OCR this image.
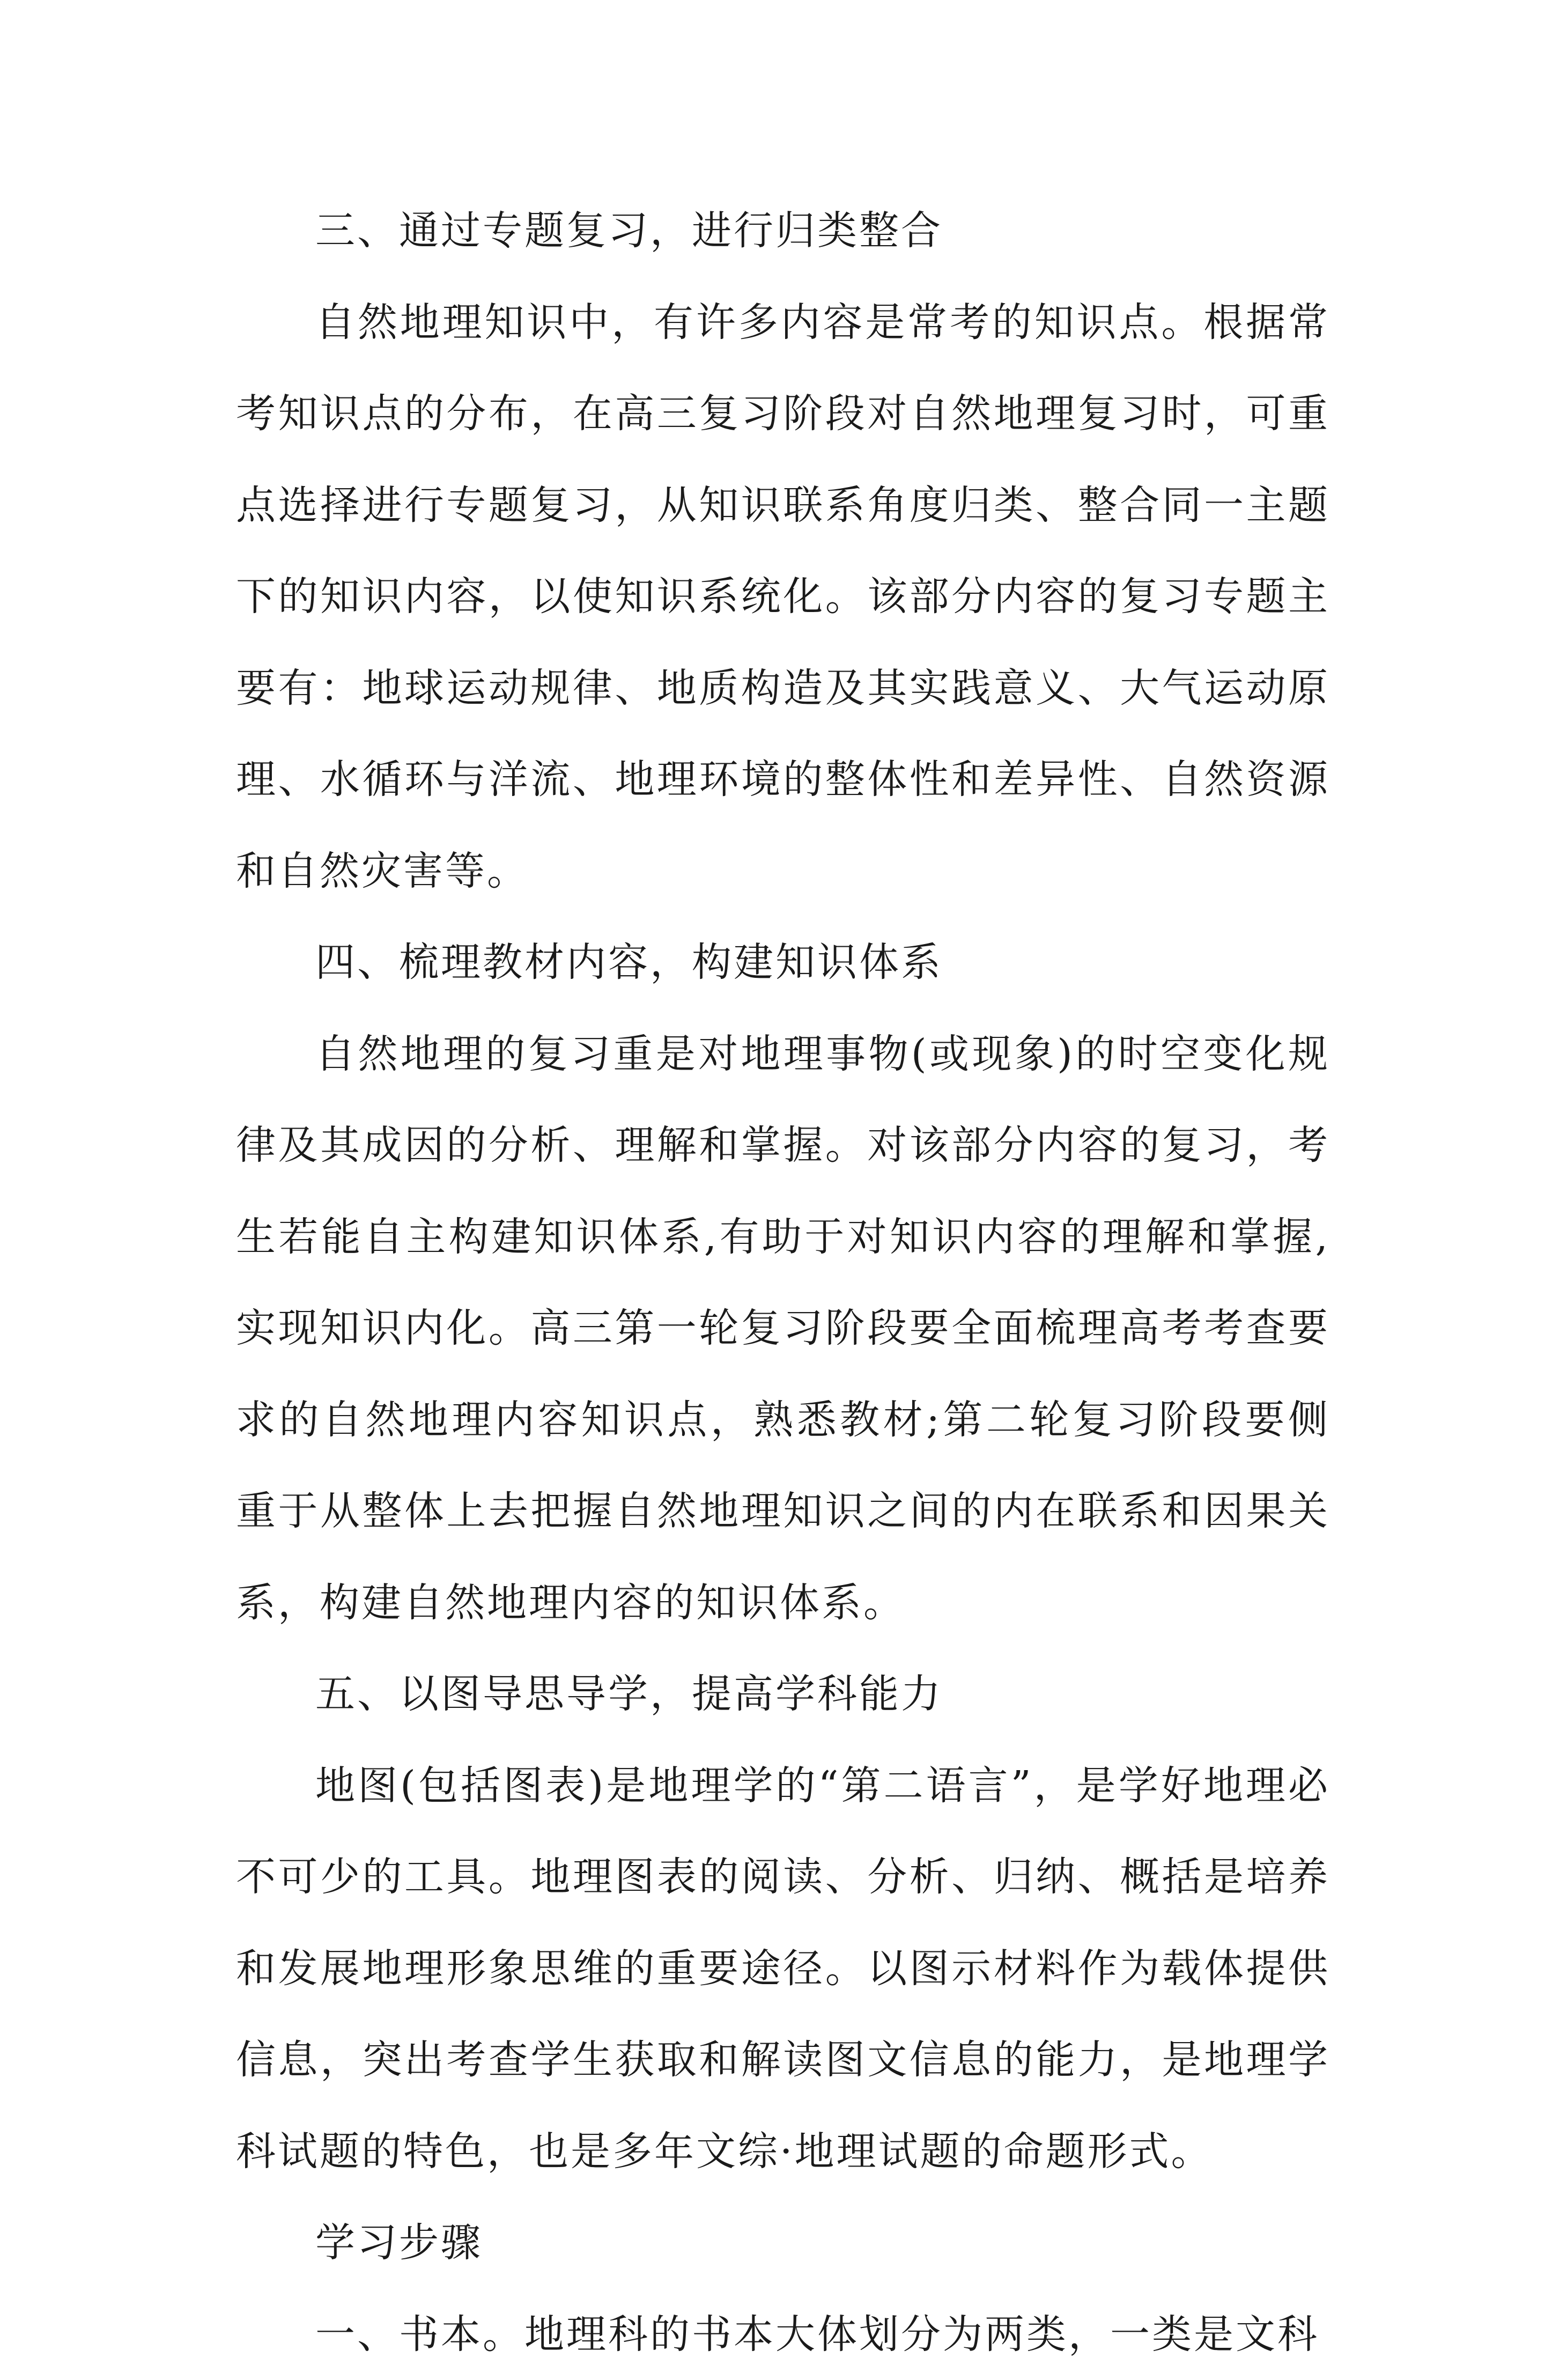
三、通过专题复习，进行归类整合

自然地理知识中，有许多内容是常考的知识点。根据常考知识点的分布，在高三复习阶段对自然地理复习时，可重点选择进行专题复习，从知识联系角度归类、整合同一主题下的知识内容，以使知识系统化。该部分内容的复习专题主要有：地球运动规律、地质构造及其实践意义、大气运动原理、水循环与洋流、地理环境的整体性和差异性、自然资源和自然灾害等。

四、梳理教材内容，构建知识体系

自然地理的复习重是对地理事物(或现象)的时空变化规律及其成因的分析、理解和掌握。对该部分内容的复习，考生若能自主构建知识体系,有助于对知识内容的理解和掌握,实现知识内化。高三第一轮复习阶段要全面梳理高考考查要求的自然地理内容知识点，熟悉教材;第二轮复习阶段要侧重于从整体上去把握自然地理知识之间的内在联系和因果关系，构建自然地理内容的知识体系。

五、以图导思导学，提高学科能力

地图(包括图表)是地理学的“第二语言”，是学好地理必不可少的工具。地理图表的阅读、分析、归纳、概括是培养和发展地理形象思维的重要途径。以图示材料作为载体提供信息，突出考查学生获取和解读图文信息的能力，是地理学科试题的特色，也是多年文综·地理试题的命题形式。

学习步骤

一、书本。地理科的书本大体划分为两类，一类是文科
